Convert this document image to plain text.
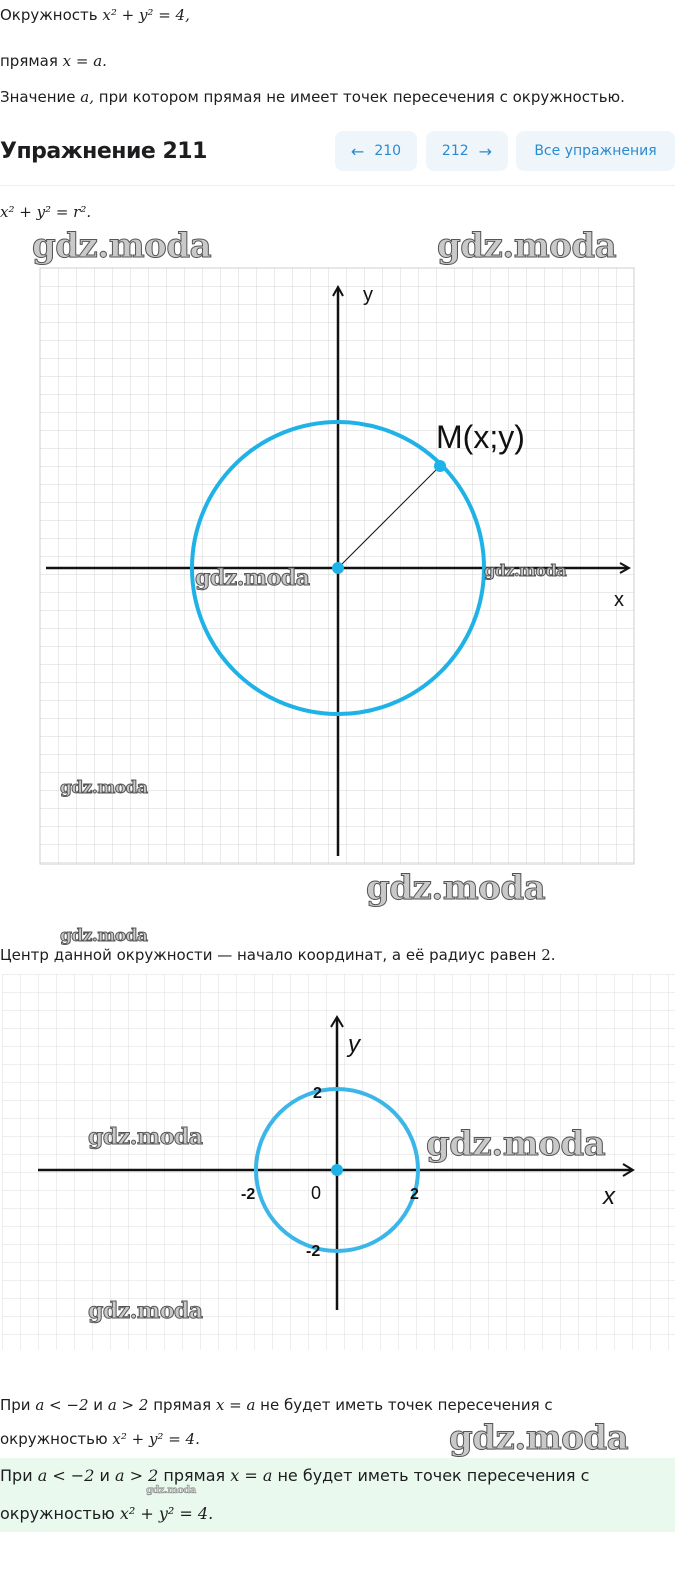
Окружность x² + y² = 4,
прямая x = a.
Значение a, при котором прямая не имеет точек пересечения с окружностью.
Упражнение 211	← 210	212 →	Все упражнения
x² + y² = r².
y
x
M(x;y)
Центр данной окружности — начало координат, а её радиус равен 2.
y
x
0
2
-2
2
-2
При a < −2 и a > 2 прямая x = a не будет иметь точек пересечения с
окружностью x² + y² = 4.
При a < −2 и a > 2 прямая x = a не будет иметь точек пересечения с
окружностью x² + y² = 4.
gdz.moda	gdz.moda
gdz.moda	gdz.moda
gdz.moda
gdz.moda
gdz.moda
gdz.moda	gdz.moda
gdz.moda
gdz.moda
gdz.moda
